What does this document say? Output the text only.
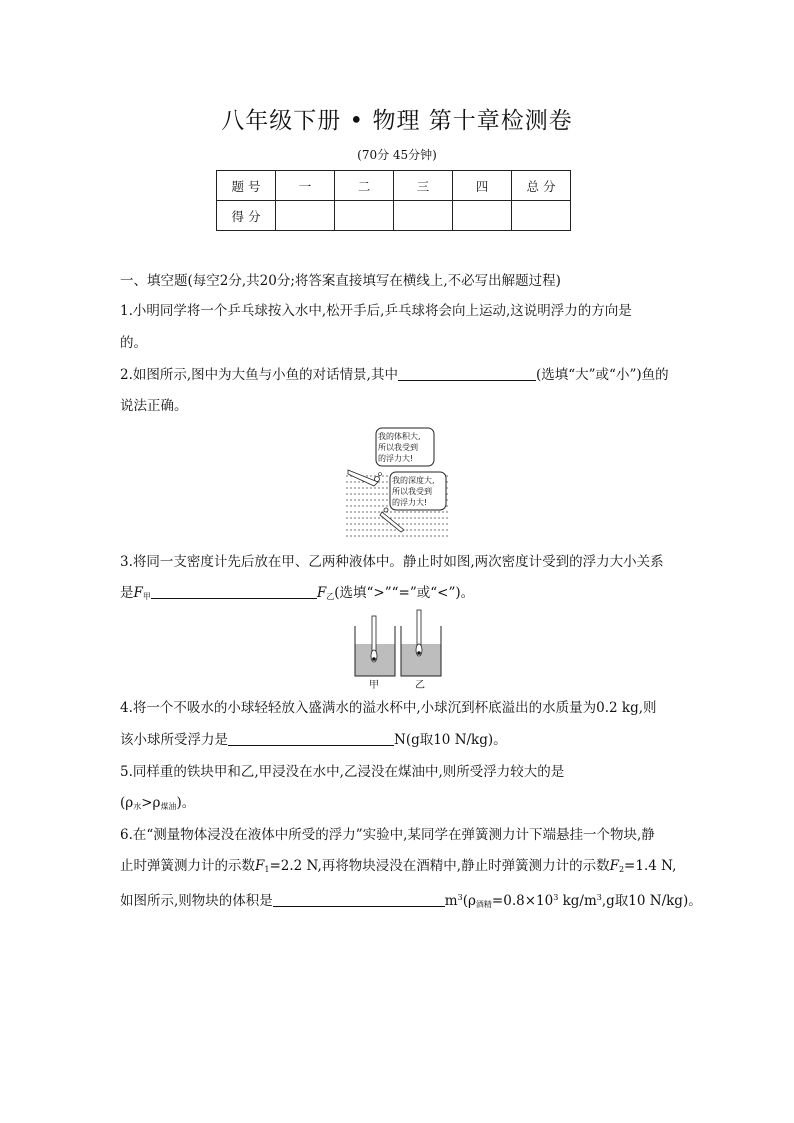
八年级下册 • 物理 第十章检测卷
(70分 45分钟)
题 号	一	二	三	四	总 分
得 分					
一、填空题(每空2分,共20分;将答案直接填写在横线上,不必写出解题过程)
1.小明同学将一个乒乓球按入水中,松开手后,乒乓球将会向上运动,这说明浮力的方向是
的。
2.如图所示,图中为大鱼与小鱼的对话情景,其中	(选填“大”或“小”)鱼的
说法正确。
我的体积大,
所以我受到
的浮力大!
我的深度大,
所以我受到
的浮力大!
3.将同一支密度计先后放在甲、乙两种液体中。静止时如图,两次密度计受到的浮力大小关系
是$F_甲$	$F_乙$(选填“>”“=”或“<”)。
甲	乙
4.将一个不吸水的小球轻轻放入盛满水的溢水杯中,小球沉到杯底溢出的水质量为0.2 kg,则
该小球所受浮力是	N(g取10 N/kg)。
5.同样重的铁块甲和乙,甲浸没在水中,乙浸没在煤油中,则所受浮力较大的是
$(\rho_水>\rho_{煤油})$。
6.在“测量物体浸没在液体中所受的浮力”实验中,某同学在弹簧测力计下端悬挂一个物块,静
止时弹簧测力计的示数$F_1=2.2$ N,再将物块浸没在酒精中,静止时弹簧测力计的示数$F_2=1.4$ N,
如图所示,则物块的体积是	$m^3(\rho_{酒精}=0.8\times 10^3$ $kg/m^3,g$取10 N/kg)。
